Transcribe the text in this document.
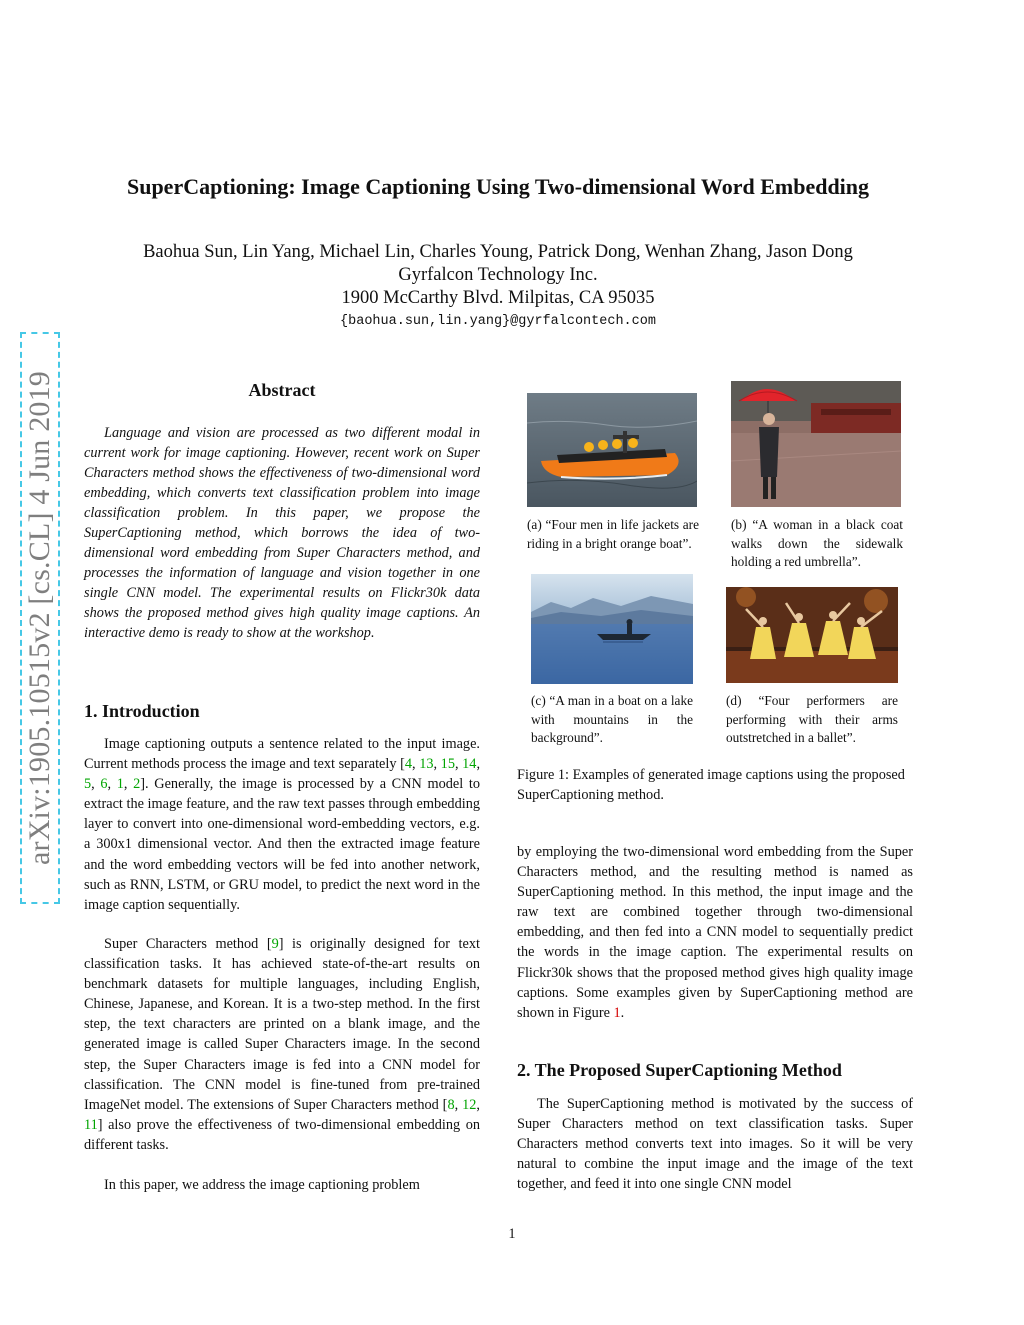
arXiv:1905.10515v2 [cs.CL] 4 Jun 2019
SuperCaptioning: Image Captioning Using Two-dimensional Word Embedding
Baohua Sun, Lin Yang, Michael Lin, Charles Young, Patrick Dong, Wenhan Zhang, Jason Dong
Gyrfalcon Technology Inc.
1900 McCarthy Blvd. Milpitas, CA 95035
{baohua.sun,lin.yang}@gyrfalcontech.com
Abstract

Language and vision are processed as two different modal in current work for image captioning. However, recent work on Super Characters method shows the effectiveness of two-dimensional word embedding, which converts text classification problem into image classification problem. In this paper, we propose the SuperCaptioning method, which borrows the idea of two-dimensional word embedding from Super Characters method, and processes the information of language and vision together in one single CNN model. The experimental results on Flickr30k data shows the proposed method gives high quality image captions. An interactive demo is ready to show at the workshop.

1. Introduction

Image captioning outputs a sentence related to the input image. Current methods process the image and text separately [4, 13, 15, 14, 5, 6, 1, 2]. Generally, the image is processed by a CNN model to extract the image feature, and the raw text passes through embedding layer to convert into one-dimensional word-embedding vectors, e.g. a 300x1 dimensional vector. And then the extracted image feature and the word embedding vectors will be fed into another network, such as RNN, LSTM, or GRU model, to predict the next word in the image caption sequentially.

Super Characters method [9] is originally designed for text classification tasks. It has achieved state-of-the-art results on benchmark datasets for multiple languages, including English, Chinese, Japanese, and Korean. It is a two-step method. In the first step, the text characters are printed on a blank image, and the generated image is called Super Characters image. In the second step, the Super Characters image is fed into a CNN model for classification. The CNN model is fine-tuned from pre-trained ImageNet model. The extensions of Super Characters method [8, 12, 11] also prove the effectiveness of two-dimensional embedding on different tasks.

In this paper, we address the image captioning problem

(a) “Four men in life jackets are riding in a bright orange boat”.
(b) “A woman in a black coat walks down the sidewalk holding a red umbrella”.
(c) “A man in a boat on a lake with mountains in the background”.
(d) “Four performers are performing with their arms outstretched in a ballet”.
Figure 1: Examples of generated image captions using the proposed SuperCaptioning method.

by employing the two-dimensional word embedding from the Super Characters method, and the resulting method is named as SuperCaptioning method. In this method, the input image and the raw text are combined together through two-dimensional embedding, and then fed into a CNN model to sequentially predict the words in the image caption. The experimental results on Flickr30k shows that the proposed method gives high quality image captions. Some examples given by SuperCaptioning method are shown in Figure 1.

2. The Proposed SuperCaptioning Method

The SuperCaptioning method is motivated by the success of Super Characters method on text classification tasks. Super Characters method converts text into images. So it will be very natural to combine the input image and the image of the text together, and feed it into one single CNN model

1
